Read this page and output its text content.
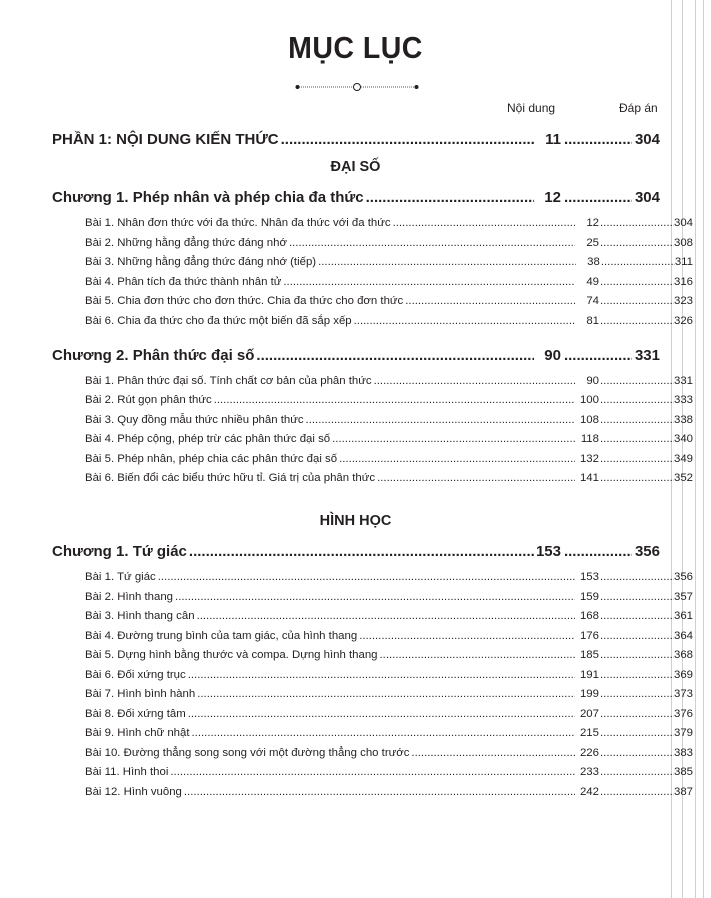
MỤC LỤC
Nội dung	Đáp án
PHẦN 1: NỘI DUNG KIẾN THỨC .....	11 .....	304
ĐẠI SỐ
Chương 1. Phép nhân và phép chia đa thức .....	12 .....	304
Bài 1. Nhân đơn thức với đa thức. Nhân đa thức với đa thức .....	12 .....	304
Bài 2. Những hằng đẳng thức đáng nhớ .....	25 .....	308
Bài 3. Những hằng đẳng thức đáng nhớ (tiếp) .....	38 .....	311
Bài 4. Phân tích đa thức thành nhân tử .....	49 .....	316
Bài 5. Chia đơn thức cho đơn thức. Chia đa thức cho đơn thức .....	74 .....	323
Bài 6. Chia đa thức cho đa thức một biến đã sắp xếp .....	81 .....	326
Chương 2. Phân thức đại số .....	90 .....	331
Bài 1. Phân thức đại số. Tính chất cơ bản của phân thức .....	90 .....	331
Bài 2. Rút gọn phân thức .....	100 .....	333
Bài 3. Quy đồng mẫu thức nhiều phân thức .....	108 .....	338
Bài 4. Phép cộng, phép trừ các phân thức đại số .....	118 .....	340
Bài 5. Phép nhân, phép chia các phân thức đại số .....	132 .....	349
Bài 6. Biến đổi các biểu thức hữu tỉ. Giá trị của phân thức .....	141 .....	352
HÌNH HỌC
Chương 1. Tứ giác .....	153 .....	356
Bài 1. Tứ giác .....	153 .....	356
Bài 2. Hình thang .....	159 .....	357
Bài 3. Hình thang cân .....	168 .....	361
Bài 4. Đường trung bình của tam giác, của hình thang .....	176 .....	364
Bài 5. Dựng hình bằng thước và compa. Dựng hình thang .....	185 .....	368
Bài 6. Đối xứng trục .....	191 .....	369
Bài 7. Hình bình hành .....	199 .....	373
Bài 8. Đối xứng tâm .....	207 .....	376
Bài 9. Hình chữ nhật .....	215 .....	379
Bài 10. Đường thẳng song song với một đường thẳng cho trước .....	226 .....	383
Bài 11. Hình thoi .....	233 .....	385
Bài 12. Hình vuông .....	242 .....	387
